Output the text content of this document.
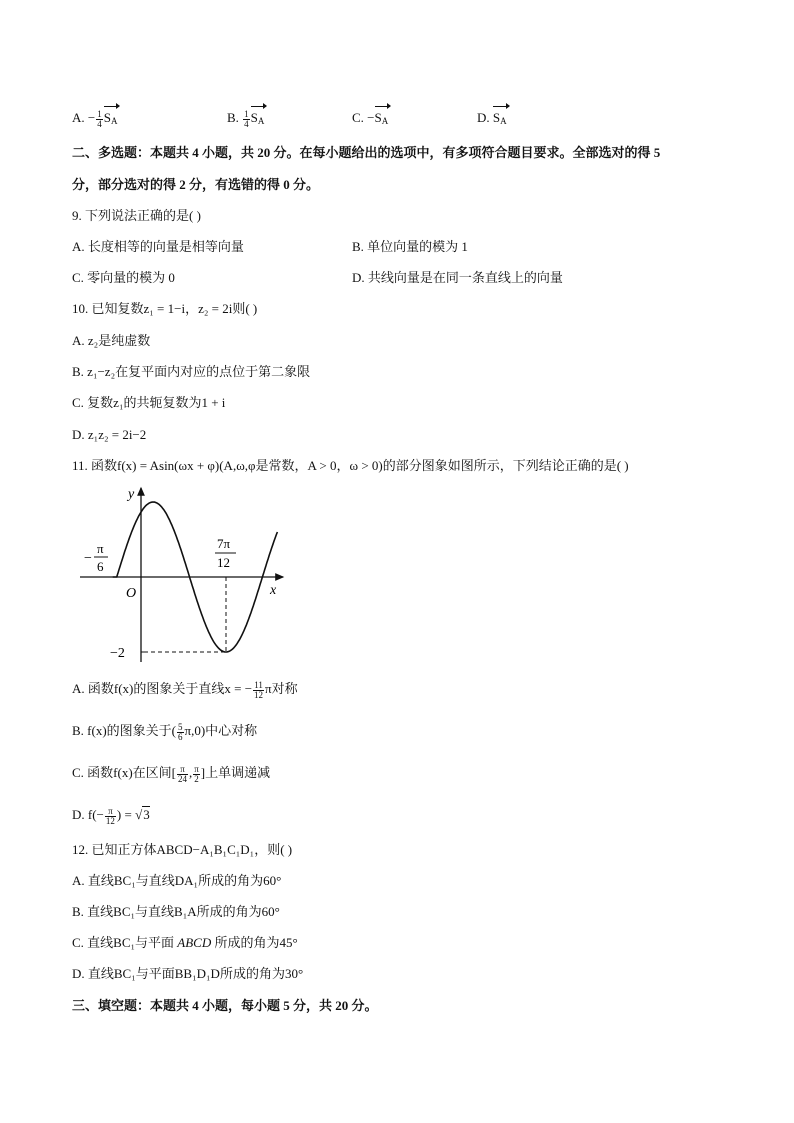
A. − $\frac{1}{4} S_A$	B. $\frac{1}{4} S_A$	C. $-S_A$	D. $S_A$
二、多选题：本题共 4 小题，共 20 分。在每小题给出的选项中，有多项符合题目要求。全部选对的得 5
分，部分选对的得 2 分，有选错的得 0 分。
9. 下列说法正确的是( )
A. 长度相等的向量是相等向量	B. 单位向量的模为 1
C. 零向量的模为 0	D. 共线向量是在同一条直线上的向量
10. 已知复数z₁ = 1−i，z₂ = 2i则( )
A. z₂是纯虚数
B. z₁−z₂在复平面内对应的点位于第二象限
C. 复数z₁的共轭复数为1 + i
D. z₁z₂ = 2i−2
11. 函数f(x) = Asin(ωx + φ)(A,ω,φ是常数，A > 0，ω > 0)的部分图象如图所示，下列结论正确的是( )
y
x
O
−
π
6
7π
12
−2
A. 函数f(x)的图象关于直线x = − $\frac{11}{12}$ π对称
B. f(x)的图象关于( $\frac{5}{6} \pi,0$)中心对称
C. 函数f(x)在区间[ $\frac{\pi}{24}$ , $\frac{\pi}{2}$ ]上单调递减
D. $f(- \frac{\pi}{12}$ ) = √3
12. 已知正方体ABCD−A₁B₁C₁D₁，则( )
A. 直线BC₁与直线DA₁所成的角为60°
B. 直线BC₁与直线B₁A所成的角为60°
C. 直线BC₁与平面 ABCD 所成的角为45°
D. 直线BC₁与平面BB₁D₁D所成的角为30°
三、填空题：本题共 4 小题，每小题 5 分，共 20 分。
